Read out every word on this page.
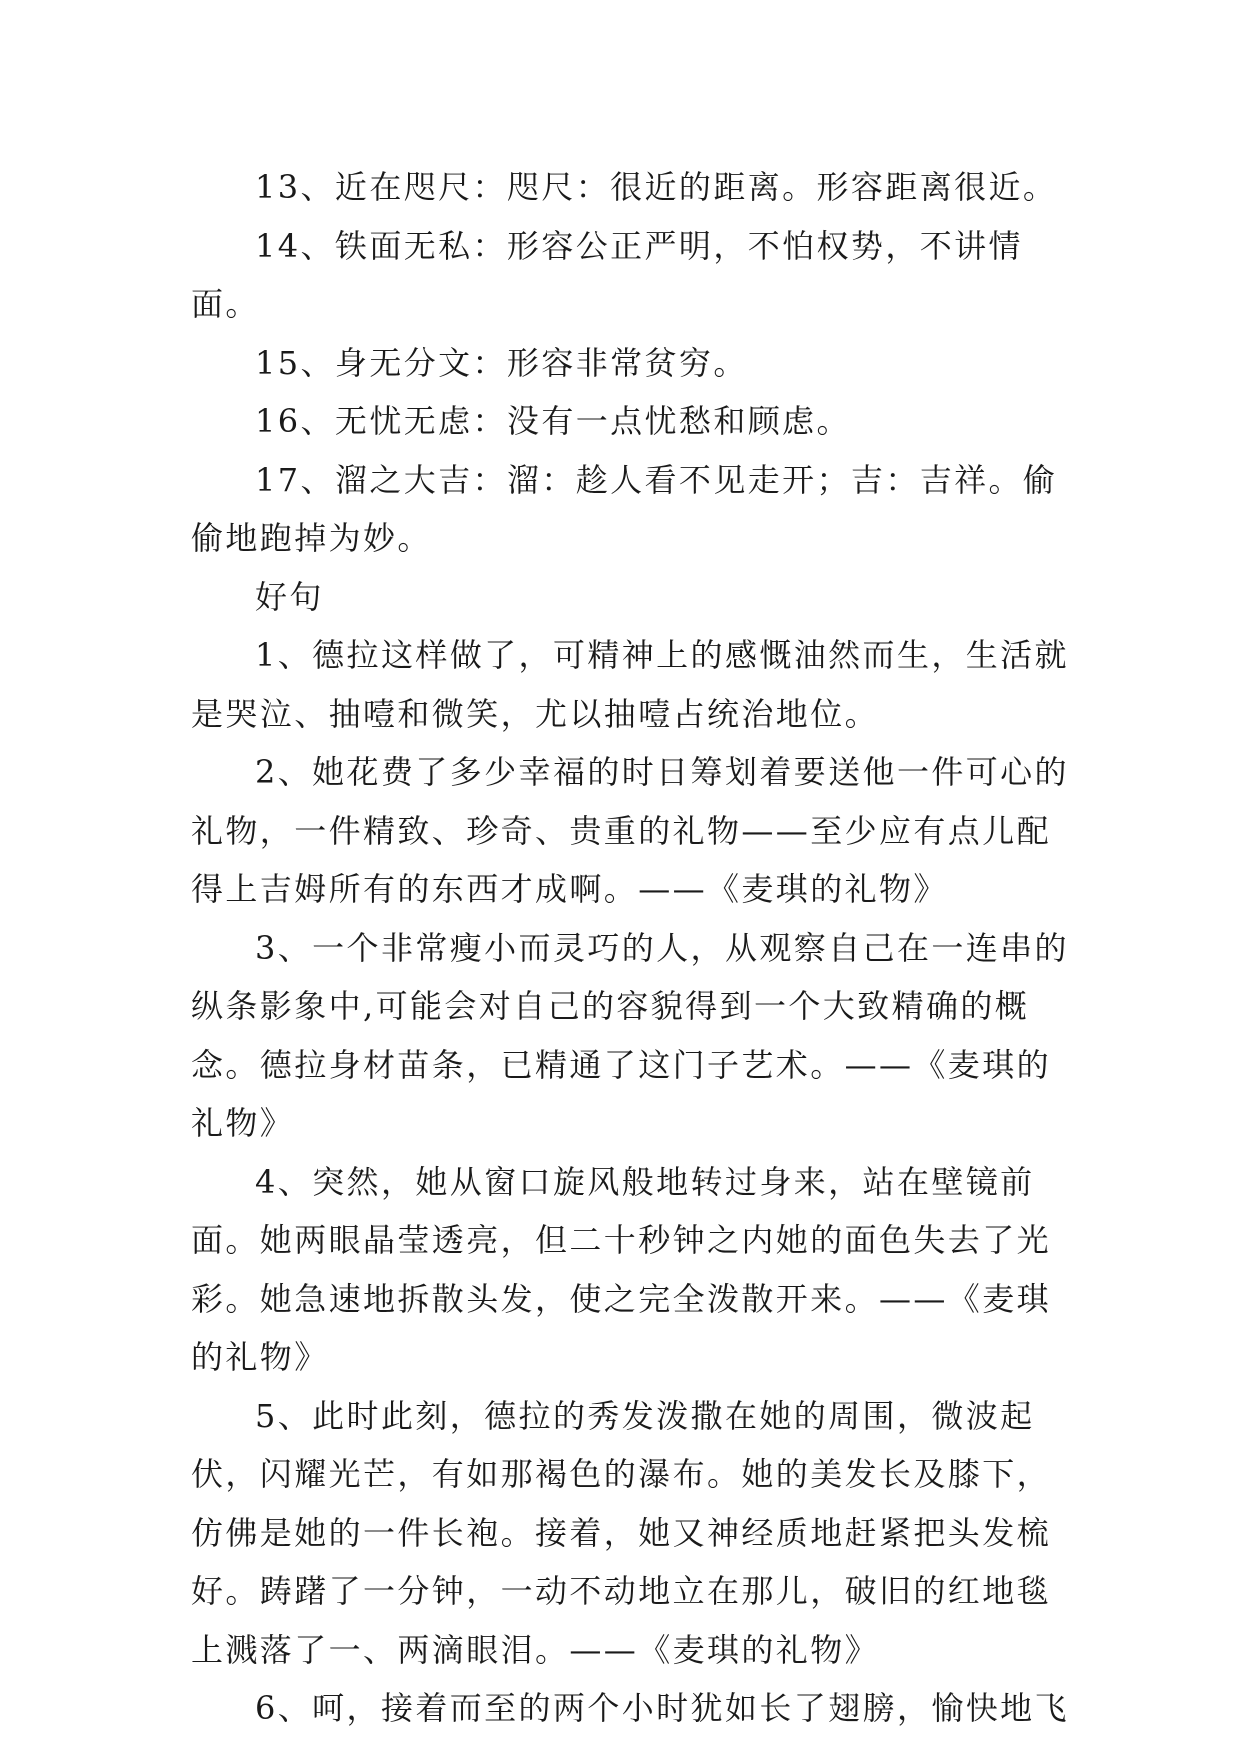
13、近在咫尺：咫尺：很近的距离。形容距离很近。

14、铁面无私：形容公正严明，不怕权势，不讲情面。

15、身无分文：形容非常贫穷。

16、无忧无虑：没有一点忧愁和顾虑。

17、溜之大吉：溜：趁人看不见走开；吉：吉祥。偷偷地跑掉为妙。

好句

1、德拉这样做了，可精神上的感慨油然而生，生活就是哭泣、抽噎和微笑，尤以抽噎占统治地位。

2、她花费了多少幸福的时日筹划着要送他一件可心的礼物，一件精致、珍奇、贵重的礼物——至少应有点儿配得上吉姆所有的东西才成啊。——《麦琪的礼物》

3、一个非常瘦小而灵巧的人，从观察自己在一连串的纵条影象中,可能会对自己的容貌得到一个大致精确的概念。德拉身材苗条，已精通了这门子艺术。——《麦琪的礼物》

4、突然，她从窗口旋风般地转过身来，站在壁镜前面。她两眼晶莹透亮，但二十秒钟之内她的面色失去了光彩。她急速地拆散头发，使之完全泼散开来。——《麦琪的礼物》

5、此时此刻，德拉的秀发泼撒在她的周围，微波起伏，闪耀光芒，有如那褐色的瀑布。她的美发长及膝下，仿佛是她的一件长袍。接着，她又神经质地赶紧把头发梳好。踌躇了一分钟，一动不动地立在那儿，破旧的红地毯上溅落了一、两滴眼泪。——《麦琪的礼物》

6、呵，接着而至的两个小时犹如长了翅膀，愉快地飞
